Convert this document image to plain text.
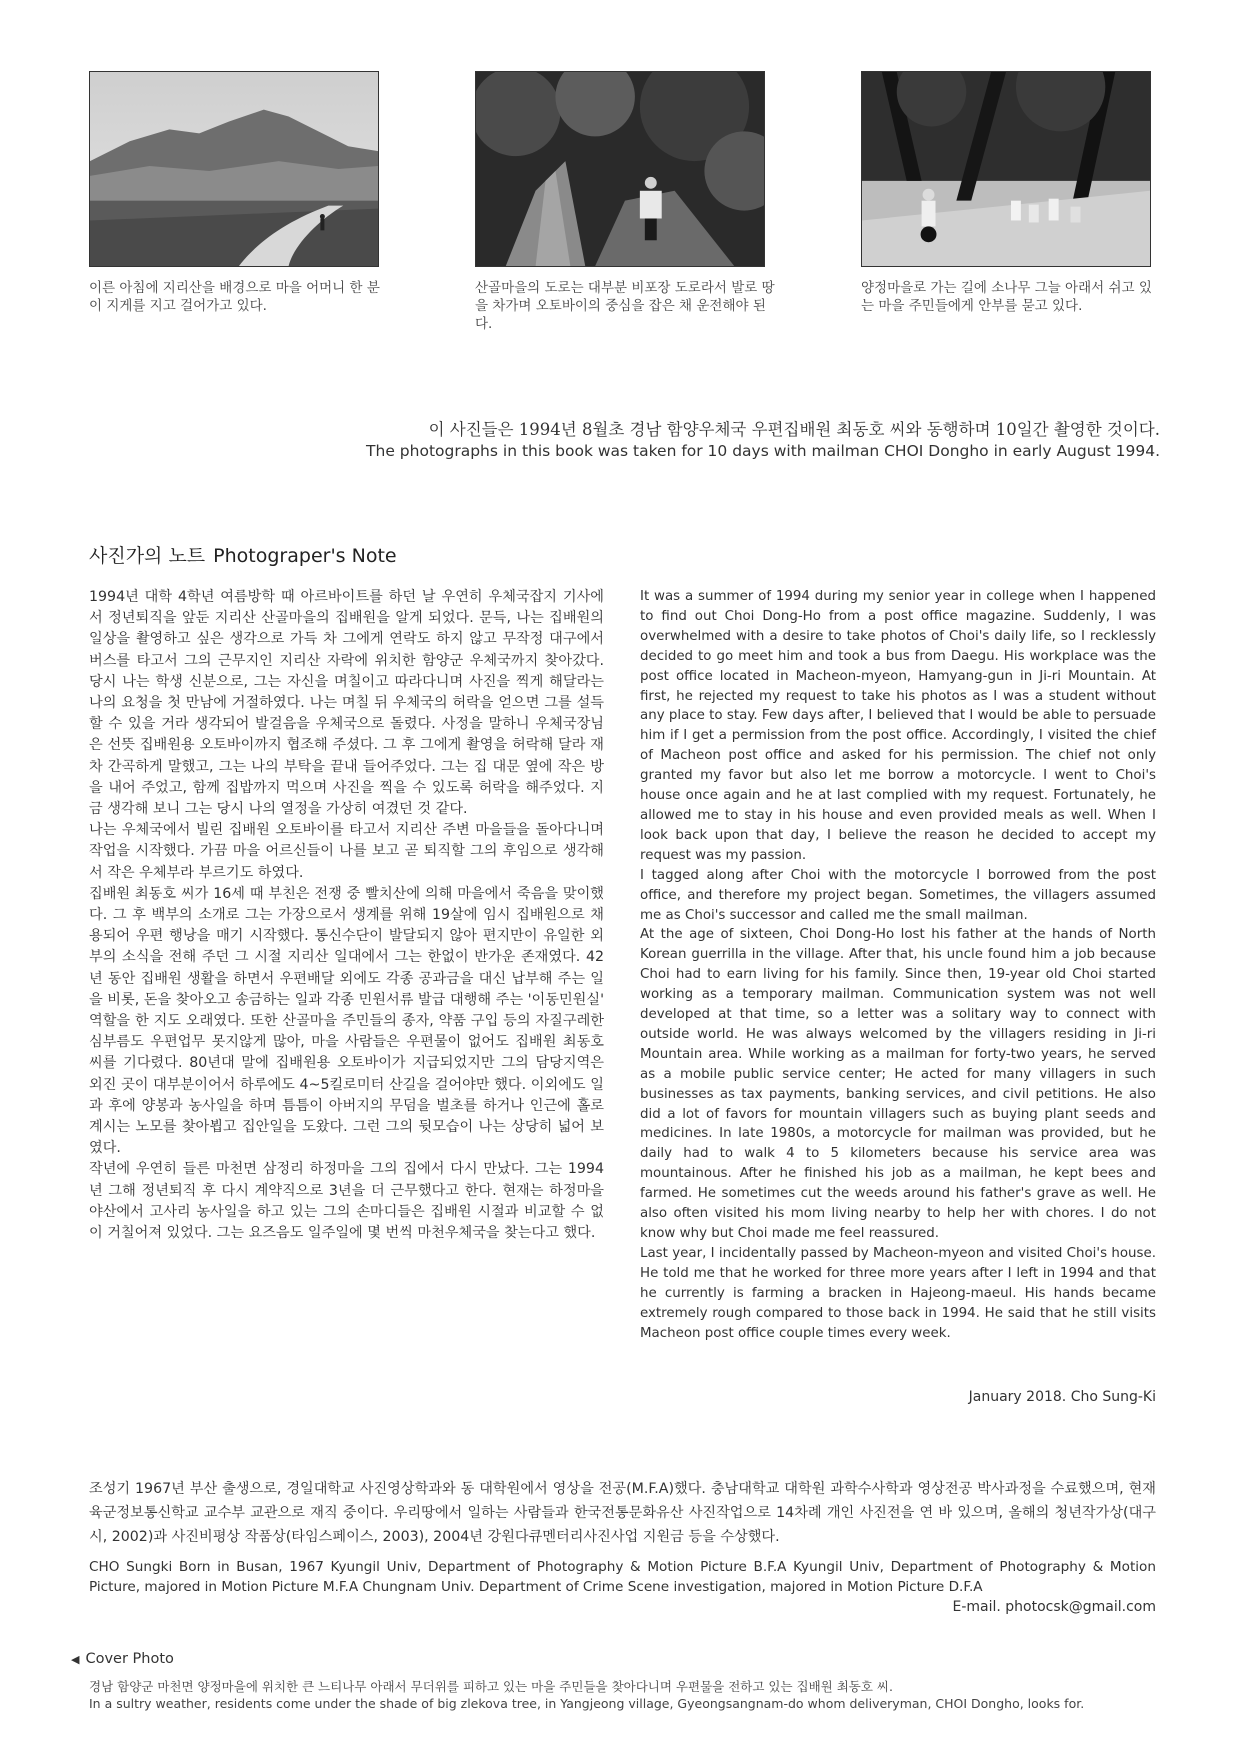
이른 아침에 지리산을 배경으로 마을 어머니 한 분이 지게를 지고 걸어가고 있다.
산골마을의 도로는 대부분 비포장 도로라서 발로 땅을 차가며 오토바이의 중심을 잡은 채 운전해야 된다.
양정마을로 가는 길에 소나무 그늘 아래서 쉬고 있는 마을 주민들에게 안부를 묻고 있다.
이 사진들은 1994년 8월초 경남 함양우체국 우편집배원 최동호 씨와 동행하며 10일간 촬영한 것이다.
The photographs in this book was taken for 10 days with mailman CHOI Dongho in early August 1994.
사진가의 노트 Photograper's Note

1994년 대학 4학년 여름방학 때 아르바이트를 하던 날 우연히 우체국잡지 기사에서 정년퇴직을 앞둔 지리산 산골마을의 집배원을 알게 되었다. 문득, 나는 집배원의 일상을 촬영하고 싶은 생각으로 가득 차 그에게 연락도 하지 않고 무작정 대구에서 버스를 타고서 그의 근무지인 지리산 자락에 위치한 함양군 우체국까지 찾아갔다. 당시 나는 학생 신분으로, 그는 자신을 며칠이고 따라다니며 사진을 찍게 해달라는 나의 요청을 첫 만남에 거절하였다. 나는 며칠 뒤 우체국의 허락을 얻으면 그를 설득할 수 있을 거라 생각되어 발걸음을 우체국으로 돌렸다. 사정을 말하니 우체국장님은 선뜻 집배원용 오토바이까지 협조해 주셨다. 그 후 그에게 촬영을 허락해 달라 재차 간곡하게 말했고, 그는 나의 부탁을 끝내 들어주었다. 그는 집 대문 옆에 작은 방을 내어 주었고, 함께 집밥까지 먹으며 사진을 찍을 수 있도록 허락을 해주었다. 지금 생각해 보니 그는 당시 나의 열정을 가상히 여겼던 것 같다.

나는 우체국에서 빌린 집배원 오토바이를 타고서 지리산 주변 마을들을 돌아다니며 작업을 시작했다. 가끔 마을 어르신들이 나를 보고 곧 퇴직할 그의 후임으로 생각해서 작은 우체부라 부르기도 하였다.

집배원 최동호 씨가 16세 때 부친은 전쟁 중 빨치산에 의해 마을에서 죽음을 맞이했다. 그 후 백부의 소개로 그는 가장으로서 생계를 위해 19살에 임시 집배원으로 채용되어 우편 행낭을 매기 시작했다. 통신수단이 발달되지 않아 편지만이 유일한 외부의 소식을 전해 주던 그 시절 지리산 일대에서 그는 한없이 반가운 존재였다. 42년 동안 집배원 생활을 하면서 우편배달 외에도 각종 공과금을 대신 납부해 주는 일을 비롯, 돈을 찾아오고 송금하는 일과 각종 민원서류 발급 대행해 주는 '이동민원실' 역할을 한 지도 오래였다. 또한 산골마을 주민들의 종자, 약품 구입 등의 자질구레한 심부름도 우편업무 못지않게 많아, 마을 사람들은 우편물이 없어도 집배원 최동호 씨를 기다렸다. 80년대 말에 집배원용 오토바이가 지급되었지만 그의 담당지역은 외진 곳이 대부분이어서 하루에도 4~5킬로미터 산길을 걸어야만 했다. 이외에도 일과 후에 양봉과 농사일을 하며 틈틈이 아버지의 무덤을 벌초를 하거나 인근에 홀로 계시는 노모를 찾아뵙고 집안일을 도왔다. 그런 그의 뒷모습이 나는 상당히 넓어 보였다.

작년에 우연히 들른 마천면 삼정리 하정마을 그의 집에서 다시 만났다. 그는 1994년 그해 정년퇴직 후 다시 계약직으로 3년을 더 근무했다고 한다. 현재는 하정마을 야산에서 고사리 농사일을 하고 있는 그의 손마디들은 집배원 시절과 비교할 수 없이 거칠어져 있었다. 그는 요즈음도 일주일에 몇 번씩 마천우체국을 찾는다고 했다.

It was a summer of 1994 during my senior year in college when I happened to find out Choi Dong-Ho from a post office magazine. Suddenly, I was overwhelmed with a desire to take photos of Choi's daily life, so I recklessly decided to go meet him and took a bus from Daegu. His workplace was the post office located in Macheon-myeon, Hamyang-gun in Ji-ri Mountain. At first, he rejected my request to take his photos as I was a student without any place to stay. Few days after, I believed that I would be able to persuade him if I get a permission from the post office. Accordingly, I visited the chief of Macheon post office and asked for his permission. The chief not only granted my favor but also let me borrow a motorcycle. I went to Choi's house once again and he at last complied with my request. Fortunately, he allowed me to stay in his house and even provided meals as well. When I look back upon that day, I believe the reason he decided to accept my request was my passion.

I tagged along after Choi with the motorcycle I borrowed from the post office, and therefore my project began. Sometimes, the villagers assumed me as Choi's successor and called me the small mailman.

At the age of sixteen, Choi Dong-Ho lost his father at the hands of North Korean guerrilla in the village. After that, his uncle found him a job because Choi had to earn living for his family. Since then, 19-year old Choi started working as a temporary mailman. Communication system was not well developed at that time, so a letter was a solitary way to connect with outside world. He was always welcomed by the villagers residing in Ji-ri Mountain area. While working as a mailman for forty-two years, he served as a mobile public service center; He acted for many villagers in such businesses as tax payments, banking services, and civil petitions. He also did a lot of favors for mountain villagers such as buying plant seeds and medicines. In late 1980s, a motorcycle for mailman was provided, but he daily had to walk 4 to 5 kilometers because his service area was mountainous. After he finished his job as a mailman, he kept bees and farmed. He sometimes cut the weeds around his father's grave as well. He also often visited his mom living nearby to help her with chores. I do not know why but Choi made me feel reassured.

Last year, I incidentally passed by Macheon-myeon and visited Choi's house. He told me that he worked for three more years after I left in 1994 and that he currently is farming a bracken in Hajeong-maeul. His hands became extremely rough compared to those back in 1994. He said that he still visits Macheon post office couple times every week.

January 2018. Cho Sung-Ki
조성기 1967년 부산 출생으로, 경일대학교 사진영상학과와 동 대학원에서 영상을 전공(M.F.A)했다. 충남대학교 대학원 과학수사학과 영상전공 박사과정을 수료했으며, 현재 육군정보통신학교 교수부 교관으로 재직 중이다. 우리땅에서 일하는 사람들과 한국전통문화유산 사진작업으로 14차례 개인 사진전을 연 바 있으며, 올해의 청년작가상(대구시, 2002)과 사진비평상 작품상(타임스페이스, 2003), 2004년 강원다큐멘터리사진사업 지원금 등을 수상했다.
CHO Sungki Born in Busan, 1967 Kyungil Univ, Department of Photography & Motion Picture B.F.A Kyungil Univ, Department of Photography & Motion Picture, majored in Motion Picture M.F.A Chungnam Univ. Department of Crime Scene investigation, majored in Motion Picture D.F.A
E-mail. photocsk@gmail.com
◀ Cover Photo
경남 함양군 마천면 양정마을에 위치한 큰 느티나무 아래서 무더위를 피하고 있는 마을 주민들을 찾아다니며 우편물을 전하고 있는 집배원 최동호 씨.
In a sultry weather, residents come under the shade of big zlekova tree, in Yangjeong village, Gyeongsangnam-do whom deliveryman, CHOI Dongho, looks for.
